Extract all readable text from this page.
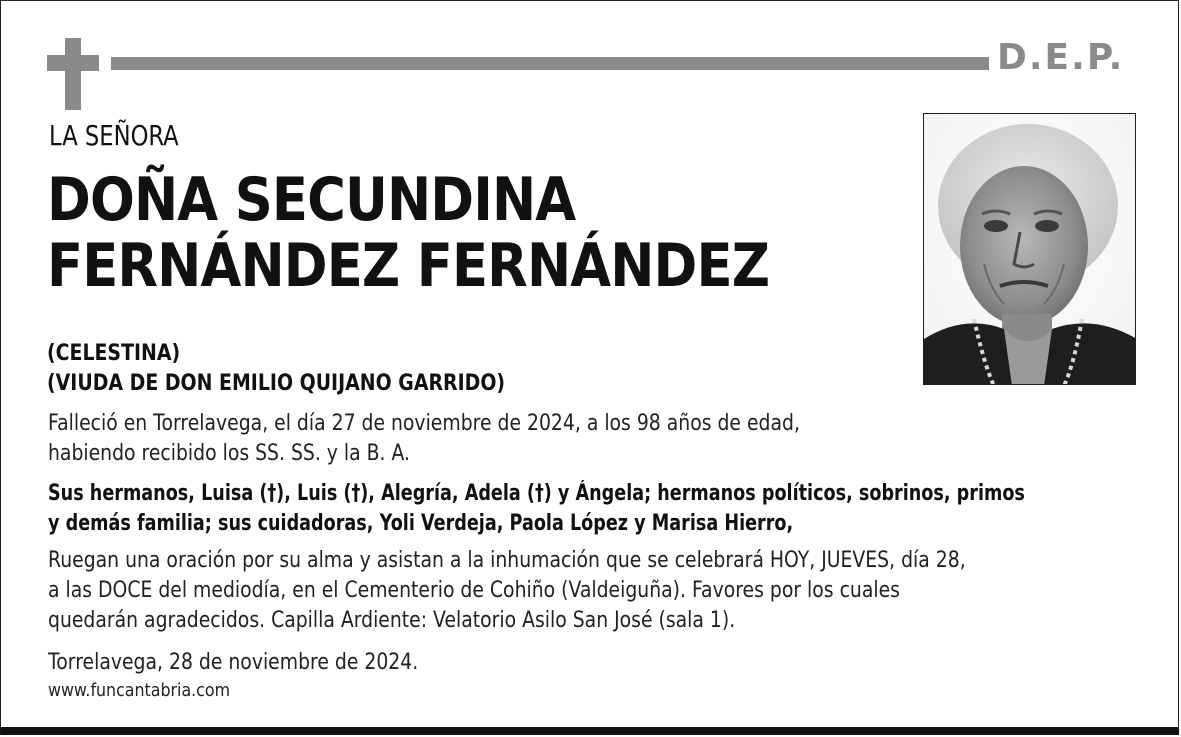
D.E.P.
LA SEÑORA
DOÑA SECUNDINA
FERNÁNDEZ FERNÁNDEZ
(CELESTINA)
(VIUDA DE DON EMILIO QUIJANO GARRIDO)
Falleció en Torrelavega, el día 27 de noviembre de 2024, a los 98 años de edad,
habiendo recibido los SS. SS. y la B. A.
Sus hermanos, Luisa (†), Luis (†), Alegría, Adela (†) y Ángela; hermanos políticos, sobrinos, primos
y demás familia; sus cuidadoras, Yoli Verdeja, Paola López y Marisa Hierro,
Ruegan una oración por su alma y asistan a la inhumación que se celebrará HOY, JUEVES, día 28,
a las DOCE del mediodía, en el Cementerio de Cohiño (Valdeiguña). Favores por los cuales
quedarán agradecidos. Capilla Ardiente: Velatorio Asilo San José (sala 1).
Torrelavega, 28 de noviembre de 2024.
www.funcantabria.com
